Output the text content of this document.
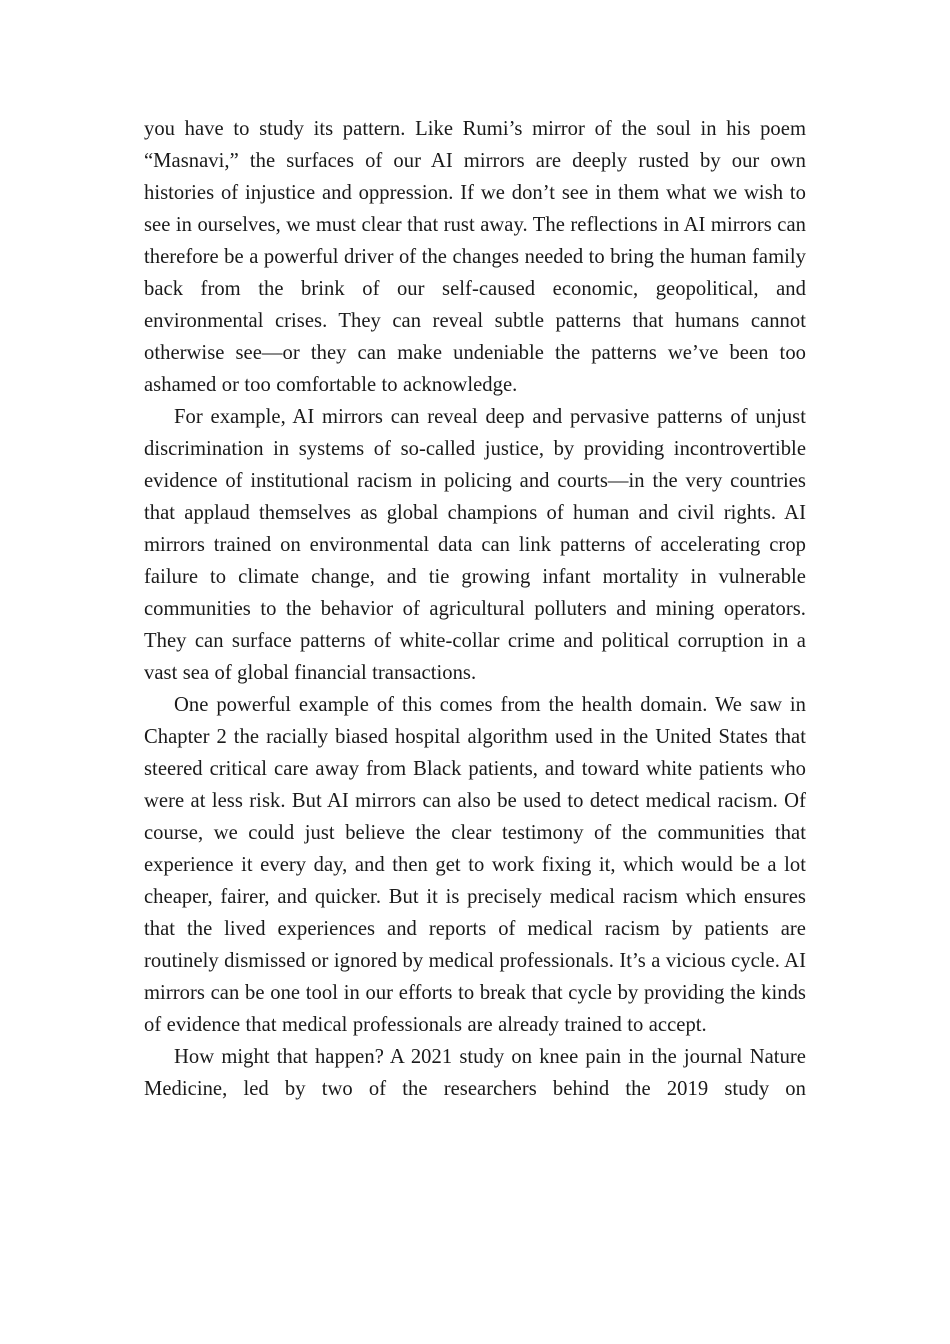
you have to study its pattern. Like Rumi’s mirror of the soul in his poem “Masnavi,” the surfaces of our AI mirrors are deeply rusted by our own histories of injustice and oppression. If we don’t see in them what we wish to see in ourselves, we must clear that rust away. The reflections in AI mirrors can therefore be a powerful driver of the changes needed to bring the human family back from the brink of our self-caused economic, geopolitical, and environmental crises. They can reveal subtle patterns that humans cannot otherwise see—or they can make undeniable the patterns we’ve been too ashamed or too comfortable to acknowledge.

For example, AI mirrors can reveal deep and pervasive patterns of unjust discrimination in systems of so-called justice, by providing incontrovertible evidence of institutional racism in policing and courts—in the very countries that applaud themselves as global champions of human and civil rights. AI mirrors trained on environmental data can link patterns of accelerating crop failure to climate change, and tie growing infant mortality in vulnerable communities to the behavior of agricultural polluters and mining operators. They can surface patterns of white-collar crime and political corruption in a vast sea of global financial transactions.

One powerful example of this comes from the health domain. We saw in Chapter 2 the racially biased hospital algorithm used in the United States that steered critical care away from Black patients, and toward white patients who were at less risk. But AI mirrors can also be used to detect medical racism. Of course, we could just believe the clear testimony of the communities that experience it every day, and then get to work fixing it, which would be a lot cheaper, fairer, and quicker. But it is precisely medical racism which ensures that the lived experiences and reports of medical racism by patients are routinely dismissed or ignored by medical professionals. It’s a vicious cycle. AI mirrors can be one tool in our efforts to break that cycle by providing the kinds of evidence that medical professionals are already trained to accept.

How might that happen? A 2021 study on knee pain in the journal Nature Medicine, led by two of the researchers behind the 2019 study on
